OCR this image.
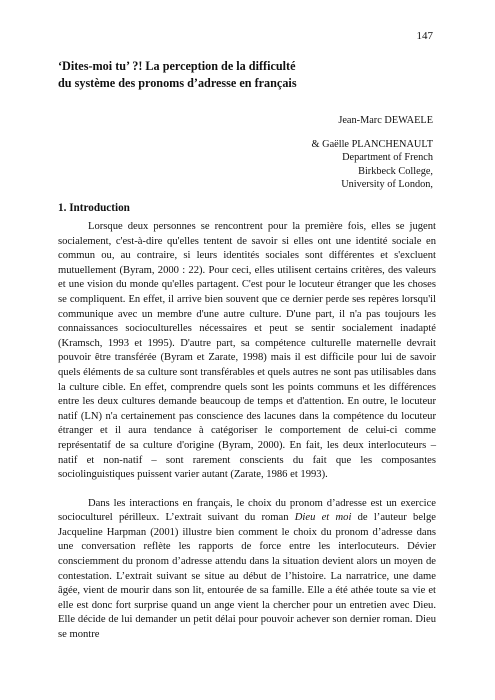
147
‘Dites-moi tu’ ?! La perception de la difficulté
du système des pronoms d’adresse en français
Jean-Marc DEWAELE
& Gaëlle PLANCHENAULT
Department of French
Birkbeck College,
University of London,
1. Introduction

Lorsque deux personnes se rencontrent pour la première fois, elles se jugent socialement, c'est-à-dire qu'elles tentent de savoir si elles ont une identité sociale en commun ou, au contraire, si leurs identités sociales sont différentes et s'excluent mutuellement (Byram, 2000 : 22). Pour ceci, elles utilisent certains critères, des valeurs et une vision du monde qu'elles partagent. C'est pour le locuteur étranger que les choses se compliquent. En effet, il arrive bien souvent que ce dernier perde ses repères lorsqu'il communique avec un membre d'une autre culture. D'une part, il n'a pas toujours les connaissances socioculturelles nécessaires et peut se sentir socialement inadapté (Kramsch, 1993 et 1995). D'autre part, sa compétence culturelle maternelle devrait pouvoir être transférée (Byram et Zarate, 1998) mais il est difficile pour lui de savoir quels éléments de sa culture sont transférables et quels autres ne sont pas utilisables dans la culture cible. En effet, comprendre quels sont les points communs et les différences entre les deux cultures demande beaucoup de temps et d'attention. En outre, le locuteur natif (LN) n'a certainement pas conscience des lacunes dans la compétence du locuteur étranger et il aura tendance à catégoriser le comportement de celui-ci comme représentatif de sa culture d'origine (Byram, 2000). En fait, les deux interlocuteurs – natif et non-natif – sont rarement conscients du fait que les composantes sociolinguistiques puissent varier autant (Zarate, 1986 et 1993).

Dans les interactions en français, le choix du pronom d’adresse est un exercice socioculturel périlleux. L’extrait suivant du roman Dieu et moi de l’auteur belge Jacqueline Harpman (2001) illustre bien comment le choix du pronom d’adresse dans une conversation reflète les rapports de force entre les interlocuteurs. Dévier consciemment du pronom d’adresse attendu dans la situation devient alors un moyen de contestation. L’extrait suivant se situe au début de l’histoire. La narratrice, une dame âgée, vient de mourir dans son lit, entourée de sa famille. Elle a été athée toute sa vie et elle est donc fort surprise quand un ange vient la chercher pour un entretien avec Dieu. Elle décide de lui demander un petit délai pour pouvoir achever son dernier roman. Dieu se montre
